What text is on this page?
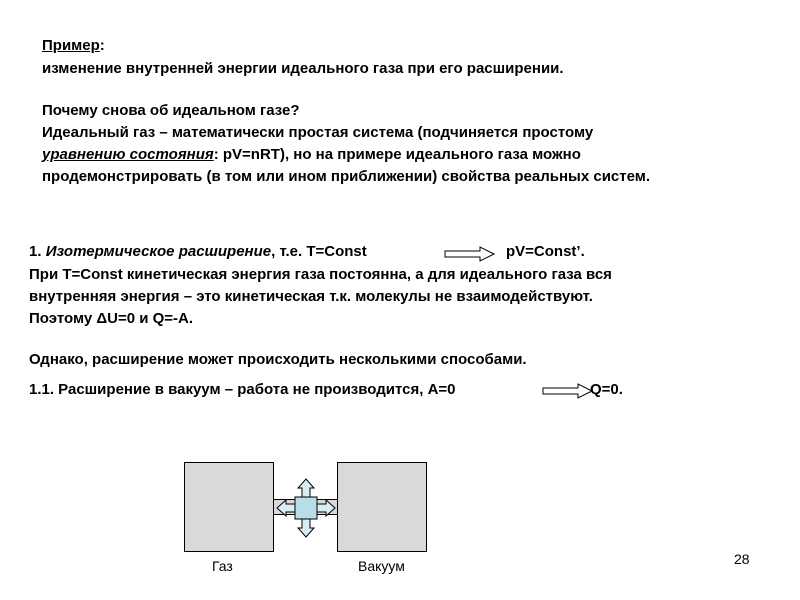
Пример:
изменение внутренней энергии идеального газа при его расширении.
Почему снова об идеальном газе?
Идеальный газ – математически простая система (подчиняется простому
уравнению состояния: pV=nRT), но на примере идеального газа можно
продемонстрировать (в том или ином приближении) свойства реальных систем.
1. Изотермическое расширение, т.е. T=Const	pV=Const’.
При T=Const кинетическая энергия газа постоянна, а для идеального газа вся
внутренняя энергия – это кинетическая т.к. молекулы не взаимодействуют.
Поэтому ΔU=0 и Q=-A.
Однако, расширение может происходить несколькими способами.
1.1. Расширение в вакуум – работа не производится, A=0	Q=0.
Газ	Вакуум	28
